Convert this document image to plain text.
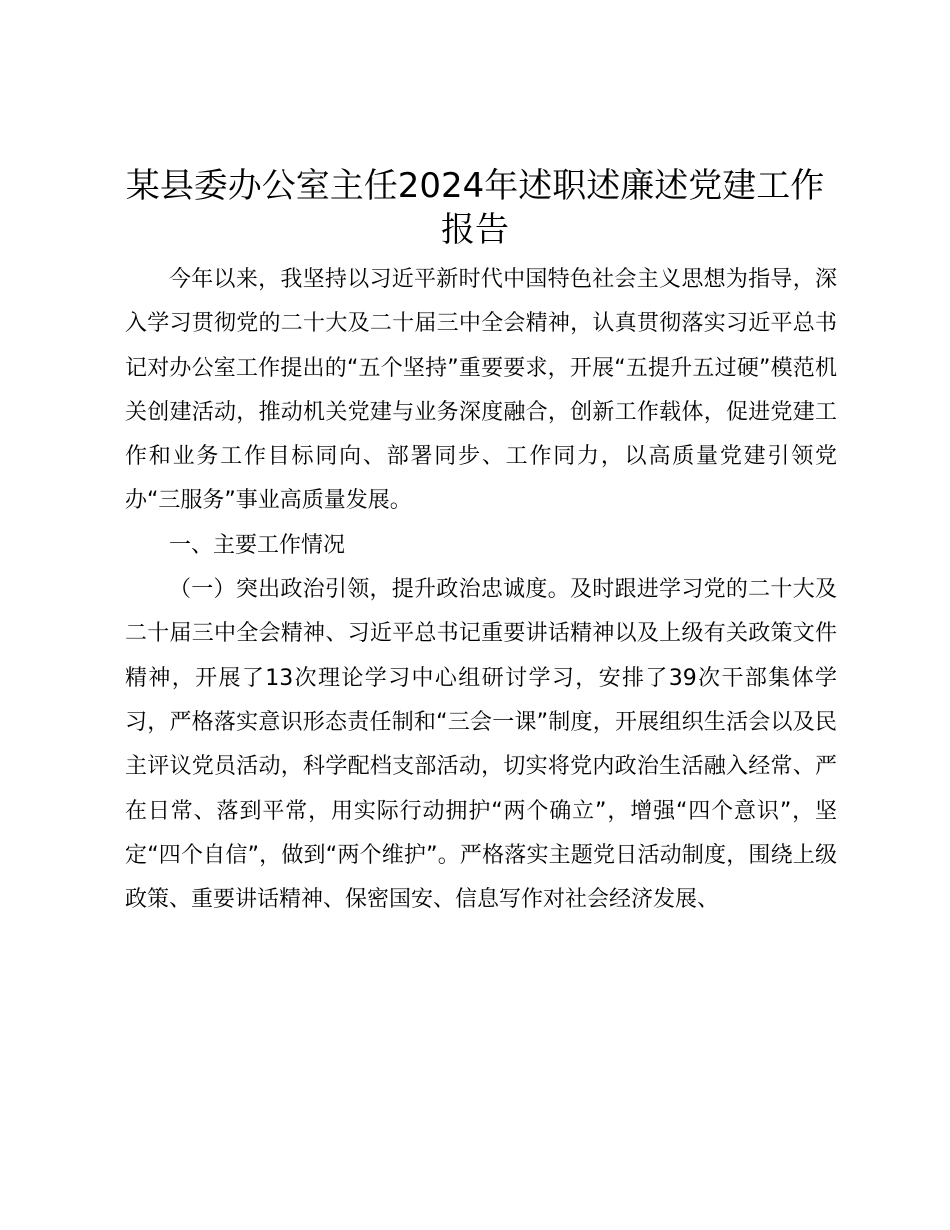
某县委办公室主任2024年述职述廉述党建工作报告

今年以来，我坚持以习近平新时代中国特色社会主义思想为指导，深入学习贯彻党的二十大及二十届三中全会精神，认真贯彻落实习近平总书记对办公室工作提出的“五个坚持”重要要求，开展“五提升五过硬”模范机关创建活动，推动机关党建与业务深度融合，创新工作载体，促进党建工作和业务工作目标同向、部署同步、工作同力，以高质量党建引领党办“三服务”事业高质量发展。

一、主要工作情况

（一）突出政治引领，提升政治忠诚度。及时跟进学习党的二十大及二十届三中全会精神、习近平总书记重要讲话精神以及上级有关政策文件精神，开展了13次理论学习中心组研讨学习，安排了39次干部集体学习，严格落实意识形态责任制和“三会一课”制度，开展组织生活会以及民主评议党员活动，科学配档支部活动，切实将党内政治生活融入经常、严在日常、落到平常，用实际行动拥护“两个确立”，增强“四个意识”，坚定“四个自信”，做到“两个维护”。严格落实主题党日活动制度，围绕上级政策、重要讲话精神、保密国安、信息写作对社会经济发展、
